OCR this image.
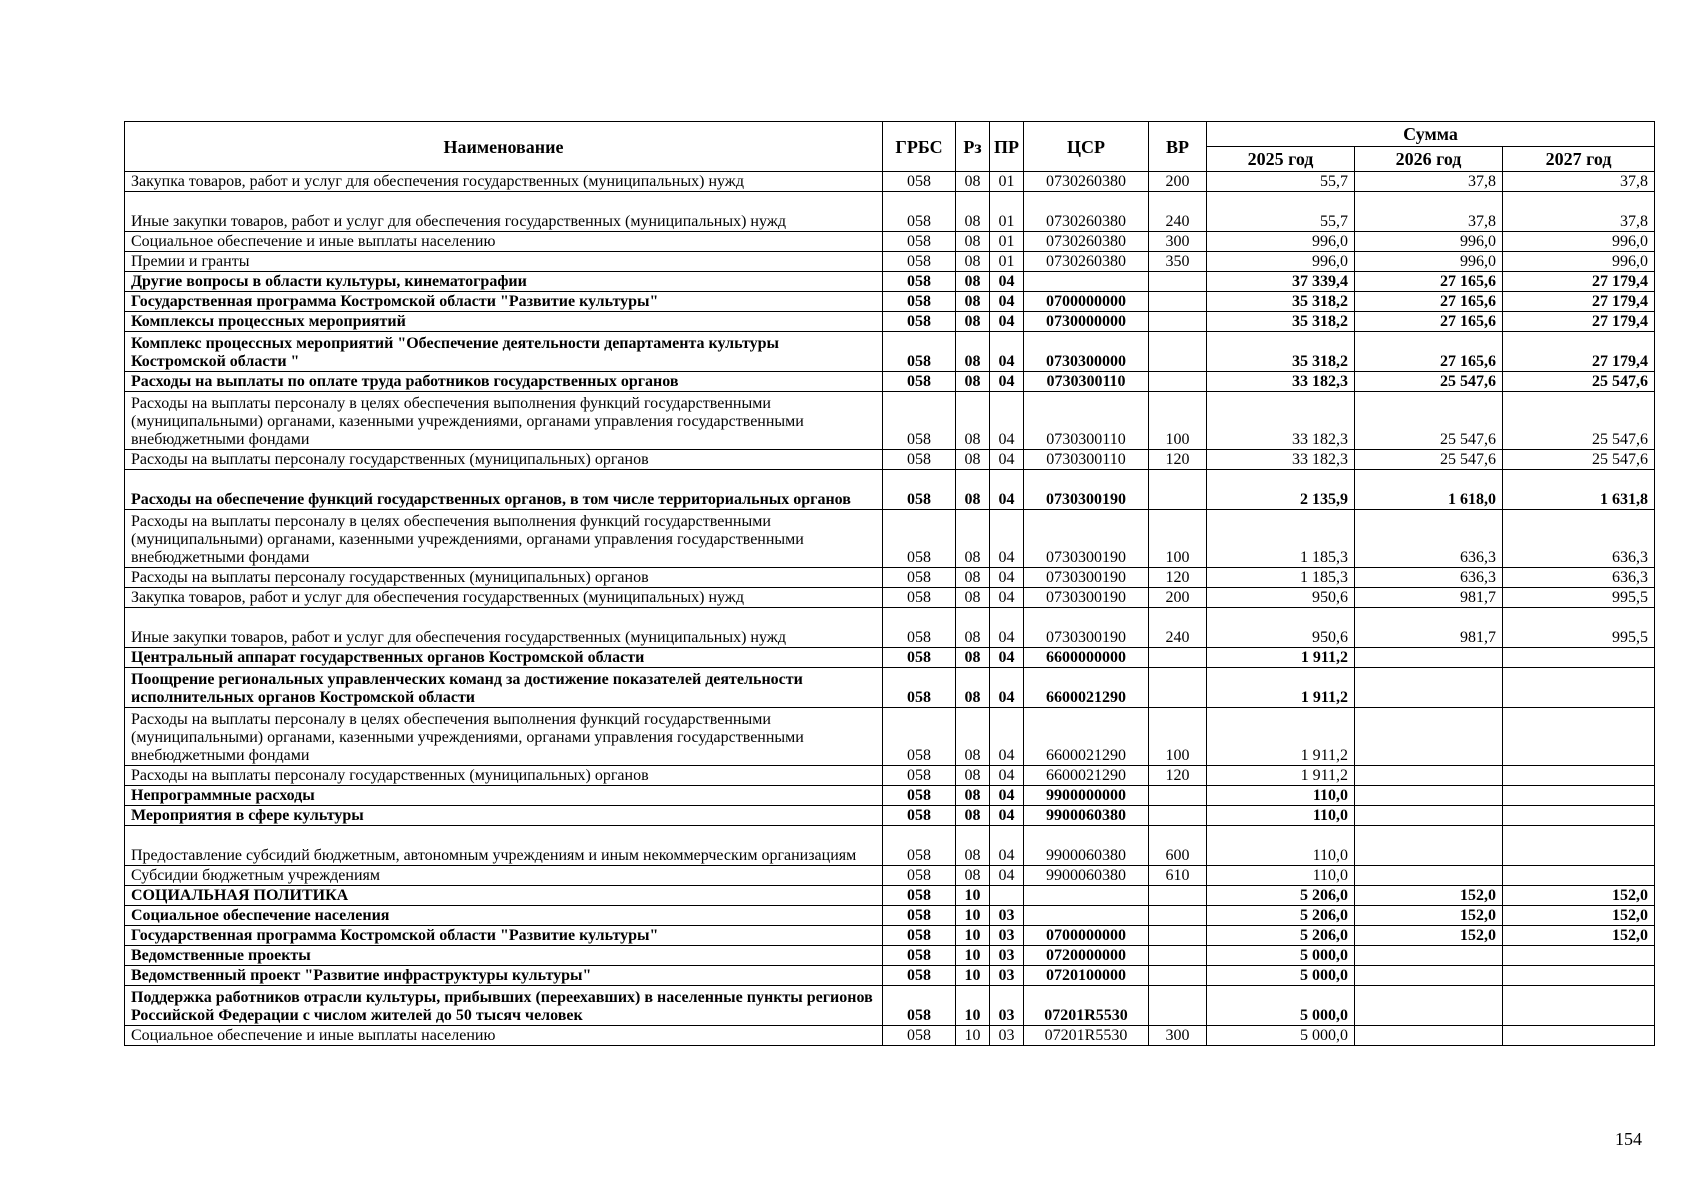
Наименование	ГРБС	Рз	ПР	ЦСР	ВР	Сумма		
						2025 год	2026 год	2027 год
Закупка товаров, работ и услуг для обеспечения государственных (муниципальных) нужд	058	08	01	0730260380	200	55,7	37,8	37,8
Иные закупки товаров, работ и услуг для обеспечения государственных (муниципальных) нужд	058	08	01	0730260380	240	55,7	37,8	37,8
Социальное обеспечение и иные выплаты населению	058	08	01	0730260380	300	996,0	996,0	996,0
Премии и гранты	058	08	01	0730260380	350	996,0	996,0	996,0
Другие вопросы в области культуры, кинематографии	058	08	04			37 339,4	27 165,6	27 179,4
Государственная программа Костромской области "Развитие культуры"	058	08	04	0700000000		35 318,2	27 165,6	27 179,4
Комплексы процессных мероприятий	058	08	04	0730000000		35 318,2	27 165,6	27 179,4
Комплекс процессных мероприятий "Обеспечение деятельности департамента культуры Костромской области "	058	08	04	0730300000		35 318,2	27 165,6	27 179,4
Расходы на выплаты по оплате труда работников государственных органов	058	08	04	0730300110		33 182,3	25 547,6	25 547,6
Расходы на выплаты персоналу в целях обеспечения выполнения функций государственными (муниципальными) органами, казенными учреждениями, органами управления государственными внебюджетными фондами	058	08	04	0730300110	100	33 182,3	25 547,6	25 547,6
Расходы на выплаты персоналу государственных (муниципальных) органов	058	08	04	0730300110	120	33 182,3	25 547,6	25 547,6
Расходы на обеспечение функций государственных органов, в том числе территориальных органов	058	08	04	0730300190		2 135,9	1 618,0	1 631,8
Расходы на выплаты персоналу в целях обеспечения выполнения функций государственными (муниципальными) органами, казенными учреждениями, органами управления государственными внебюджетными фондами	058	08	04	0730300190	100	1 185,3	636,3	636,3
Расходы на выплаты персоналу государственных (муниципальных) органов	058	08	04	0730300190	120	1 185,3	636,3	636,3
Закупка товаров, работ и услуг для обеспечения государственных (муниципальных) нужд	058	08	04	0730300190	200	950,6	981,7	995,5
Иные закупки товаров, работ и услуг для обеспечения государственных (муниципальных) нужд	058	08	04	0730300190	240	950,6	981,7	995,5
Центральный аппарат государственных органов Костромской области	058	08	04	6600000000		1 911,2		
Поощрение региональных управленческих команд за достижение показателей деятельности исполнительных органов Костромской области	058	08	04	6600021290		1 911,2		
Расходы на выплаты персоналу в целях обеспечения выполнения функций государственными (муниципальными) органами, казенными учреждениями, органами управления государственными внебюджетными фондами	058	08	04	6600021290	100	1 911,2		
Расходы на выплаты персоналу государственных (муниципальных) органов	058	08	04	6600021290	120	1 911,2		
Непрограммные расходы	058	08	04	9900000000		110,0		
Мероприятия в сфере культуры	058	08	04	9900060380		110,0		
Предоставление субсидий бюджетным, автономным учреждениям и иным некоммерческим организациям	058	08	04	9900060380	600	110,0		
Субсидии бюджетным учреждениям	058	08	04	9900060380	610	110,0		
СОЦИАЛЬНАЯ ПОЛИТИКА	058	10				5 206,0	152,0	152,0
Социальное обеспечение населения	058	10	03			5 206,0	152,0	152,0
Государственная программа Костромской области "Развитие культуры"	058	10	03	0700000000		5 206,0	152,0	152,0
Ведомственные проекты	058	10	03	0720000000		5 000,0		
Ведомственный проект "Развитие инфраструктуры культуры"	058	10	03	0720100000		5 000,0		
Поддержка работников отрасли культуры, прибывших (переехавших) в населенные пункты регионов Российской Федерации с числом жителей до 50 тысяч человек	058	10	03	07201R5530		5 000,0		
Социальное обеспечение и иные выплаты населению	058	10	03	07201R5530	300	5 000,0		
154
